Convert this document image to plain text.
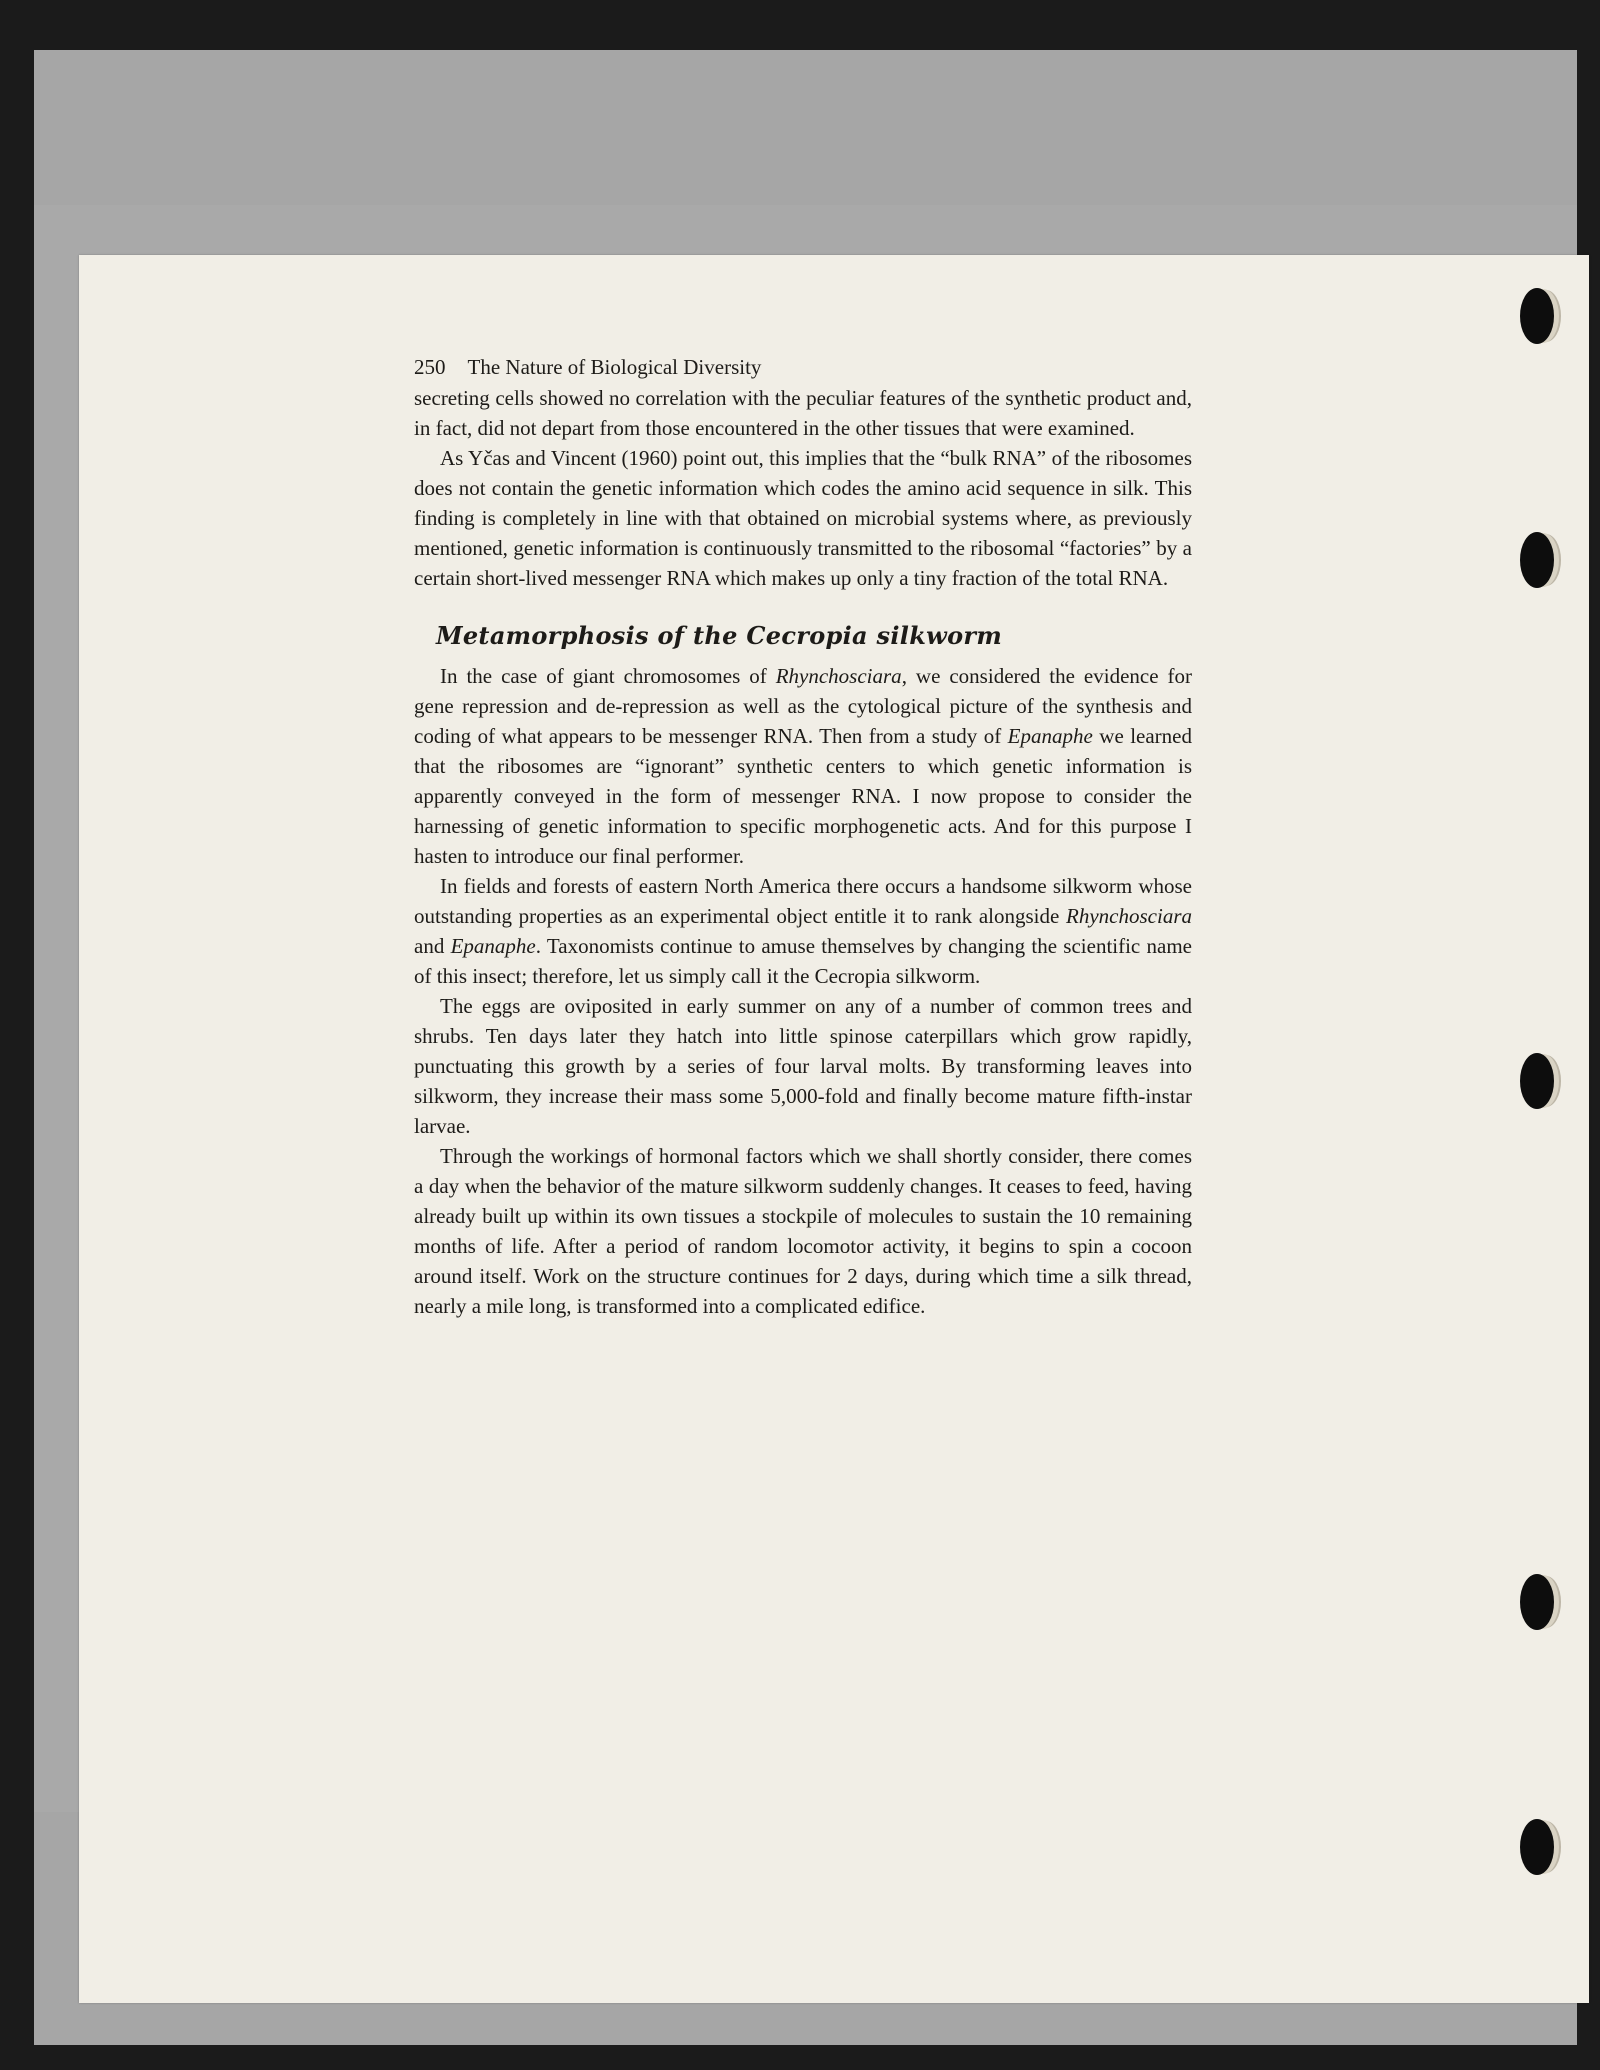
250 The Nature of Biological Diversity

secreting cells showed no correlation with the peculiar features of the synthetic product and, in fact, did not depart from those encountered in the other tissues that were examined.

As Yčas and Vincent (1960) point out, this implies that the “bulk RNA” of the ribosomes does not contain the genetic information which codes the amino acid sequence in silk. This finding is completely in line with that obtained on microbial systems where, as previously mentioned, genetic information is continuously transmitted to the ribosomal “factories” by a certain short-lived messenger RNA which makes up only a tiny fraction of the total RNA.

Metamorphosis of the Cecropia silkworm

In the case of giant chromosomes of Rhynchosciara, we considered the evidence for gene repression and de-repression as well as the cytological picture of the synthesis and coding of what appears to be messenger RNA. Then from a study of Epanaphe we learned that the ribosomes are “ignorant” synthetic centers to which genetic information is apparently conveyed in the form of messenger RNA. I now propose to consider the harnessing of genetic information to specific morphogenetic acts. And for this purpose I hasten to introduce our final performer.

In fields and forests of eastern North America there occurs a handsome silkworm whose outstanding properties as an experimental object entitle it to rank alongside Rhynchosciara and Epanaphe. Taxonomists continue to amuse themselves by changing the scientific name of this insect; therefore, let us simply call it the Cecropia silkworm.

The eggs are oviposited in early summer on any of a number of common trees and shrubs. Ten days later they hatch into little spinose caterpillars which grow rapidly, punctuating this growth by a series of four larval molts. By transforming leaves into silkworm, they increase their mass some 5,000-fold and finally become mature fifth-instar larvae.

Through the workings of hormonal factors which we shall shortly consider, there comes a day when the behavior of the mature silkworm suddenly changes. It ceases to feed, having already built up within its own tissues a stockpile of molecules to sustain the 10 remaining months of life. After a period of random locomotor activity, it begins to spin a cocoon around itself. Work on the structure continues for 2 days, during which time a silk thread, nearly a mile long, is transformed into a complicated edifice.
